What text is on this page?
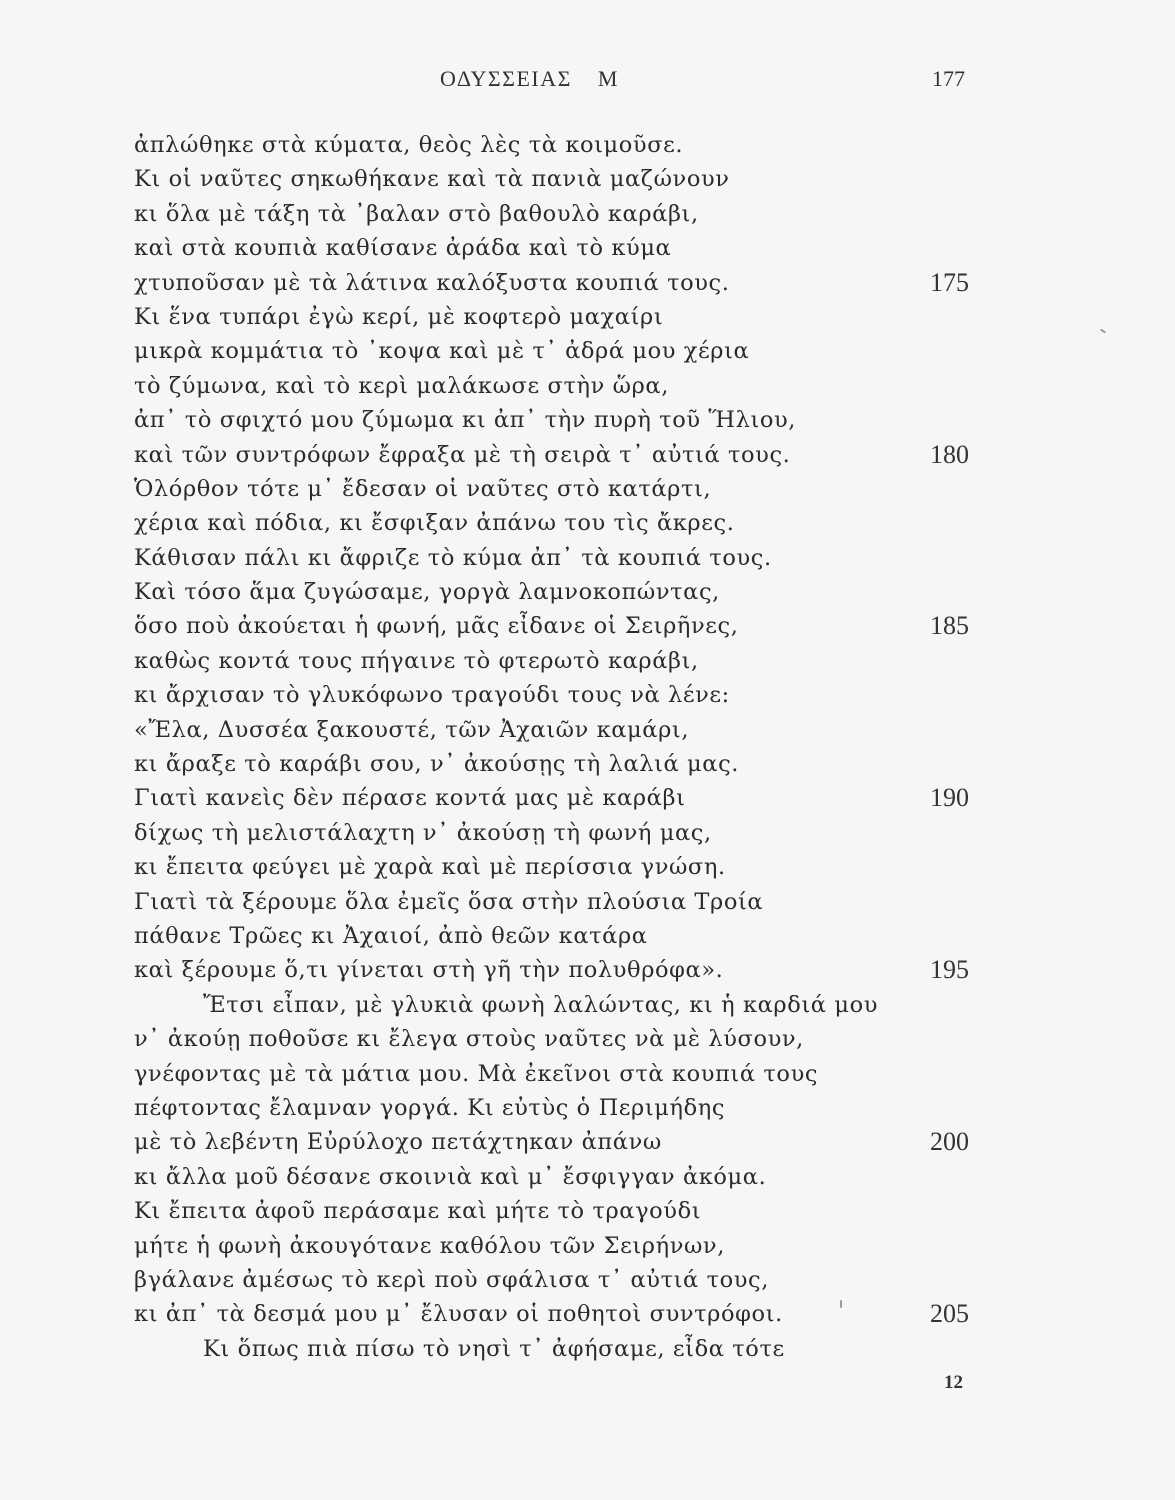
ΟΔΥΣΣΕΙΑΣ Μ	177
ἀπλώθηκε στὰ κύματα, θεὸς λὲς τὰ κοιμοῦσε.
Κι οἱ ναῦτες σηκωθήκανε καὶ τὰ πανιὰ μαζώνουν
κι ὅλα μὲ τάξη τὰ ᾽βαλαν στὸ βαθουλὸ καράβι,
καὶ στὰ κουπιὰ καθίσανε ἀράδα καὶ τὸ κύμα
χτυποῦσαν μὲ τὰ λάτινα καλόξυστα κουπιά τους.	175
Κι ἕνα τυπάρι ἐγὼ κερί, μὲ κοφτερὸ μαχαίρι
μικρὰ κομμάτια τὸ ᾽κοψα καὶ μὲ τ᾽ ἀδρά μου χέρια
τὸ ζύμωνα, καὶ τὸ κερὶ μαλάκωσε στὴν ὥρα,
ἀπ᾽ τὸ σφιχτό μου ζύμωμα κι ἀπ᾽ τὴν πυρὴ τοῦ Ἥλιου,
καὶ τῶν συντρόφων ἔφραξα μὲ τὴ σειρὰ τ᾽ αὐτιά τους.	180
Ὁλόρθον τότε μ᾽ ἔδεσαν οἱ ναῦτες στὸ κατάρτι,
χέρια καὶ πόδια, κι ἔσφιξαν ἀπάνω του τὶς ἄκρες.
Κάθισαν πάλι κι ἄφριζε τὸ κύμα ἀπ᾽ τὰ κουπιά τους.
Καὶ τόσο ἅμα ζυγώσαμε, γοργὰ λαμνοκοπώντας,
ὅσο ποὺ ἀκούεται ἡ φωνή, μᾶς εἶδανε οἱ Σειρῆνες,	185
καθὼς κοντά τους πήγαινε τὸ φτερωτὸ καράβι,
κι ἄρχισαν τὸ γλυκόφωνο τραγούδι τους νὰ λένε:
«Ἔλα, Δυσσέα ξακουστέ, τῶν Ἀχαιῶν καμάρι,
κι ἄραξε τὸ καράβι σου, ν᾽ ἀκούσῃς τὴ λαλιά μας.
Γιατὶ κανεὶς δὲν πέρασε κοντά μας μὲ καράβι	190
δίχως τὴ μελιστάλαχτη ν᾽ ἀκούσῃ τὴ φωνή μας,
κι ἔπειτα φεύγει μὲ χαρὰ καὶ μὲ περίσσια γνώση.
Γιατὶ τὰ ξέρουμε ὅλα ἐμεῖς ὅσα στὴν πλούσια Τροία
πάθανε Τρῶες κι Ἀχαιοί, ἀπὸ θεῶν κατάρα
καὶ ξέρουμε ὅ,τι γίνεται στὴ γῆ τὴν πολυθρόφα».	195
Ἔτσι εἶπαν, μὲ γλυκιὰ φωνὴ λαλώντας, κι ἡ καρδιά μου
ν᾽ ἀκούῃ ποθοῦσε κι ἔλεγα στοὺς ναῦτες νὰ μὲ λύσουν,
γνέφοντας μὲ τὰ μάτια μου. Μὰ ἐκεῖνοι στὰ κουπιά τους
πέφτοντας ἔλαμναν γοργά. Κι εὐτὺς ὁ Περιμήδης
μὲ τὸ λεβέντη Εὐρύλοχο πετάχτηκαν ἀπάνω	200
κι ἄλλα μοῦ δέσανε σκοινιὰ καὶ μ᾽ ἔσφιγγαν ἀκόμα.
Κι ἔπειτα ἀφοῦ περάσαμε καὶ μήτε τὸ τραγούδι
μήτε ἡ φωνὴ ἀκουγότανε καθόλου τῶν Σειρήνων,
βγάλανε ἀμέσως τὸ κερὶ ποὺ σφάλισα τ᾽ αὐτιά τους,
κι ἀπ᾽ τὰ δεσμά μου μ᾽ ἔλυσαν οἱ ποθητοὶ συντρόφοι.	205
Κι ὅπως πιὰ πίσω τὸ νησὶ τ᾽ ἀφήσαμε, εἶδα τότε
12
